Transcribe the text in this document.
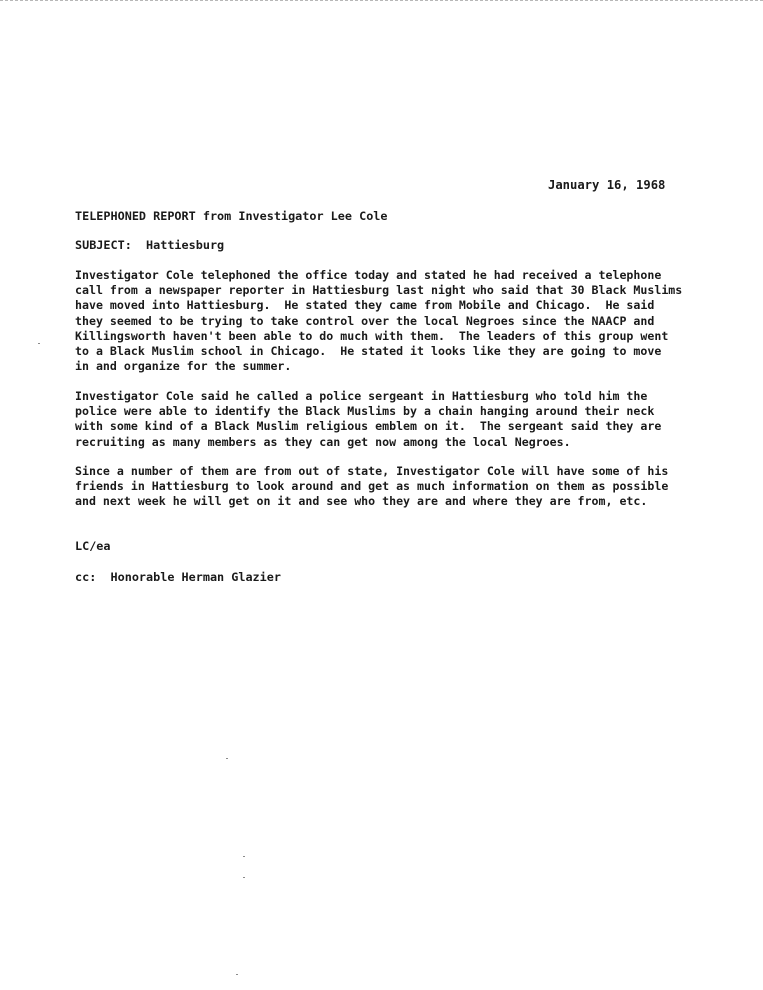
January 16, 1968
TELEPHONED REPORT from Investigator Lee Cole
SUBJECT:  Hattiesburg
Investigator Cole telephoned the office today and stated he had received a telephone
call from a newspaper reporter in Hattiesburg last night who said that 30 Black Muslims
have moved into Hattiesburg.  He stated they came from Mobile and Chicago.  He said
they seemed to be trying to take control over the local Negroes since the NAACP and
Killingsworth haven't been able to do much with them.  The leaders of this group went
to a Black Muslim school in Chicago.  He stated it looks like they are going to move
in and organize for the summer.
Investigator Cole said he called a police sergeant in Hattiesburg who told him the
police were able to identify the Black Muslims by a chain hanging around their neck
with some kind of a Black Muslim religious emblem on it.  The sergeant said they are
recruiting as many members as they can get now among the local Negroes.
Since a number of them are from out of state, Investigator Cole will have some of his
friends in Hattiesburg to look around and get as much information on them as possible
and next week he will get on it and see who they are and where they are from, etc.
LC/ea
cc:  Honorable Herman Glazier
